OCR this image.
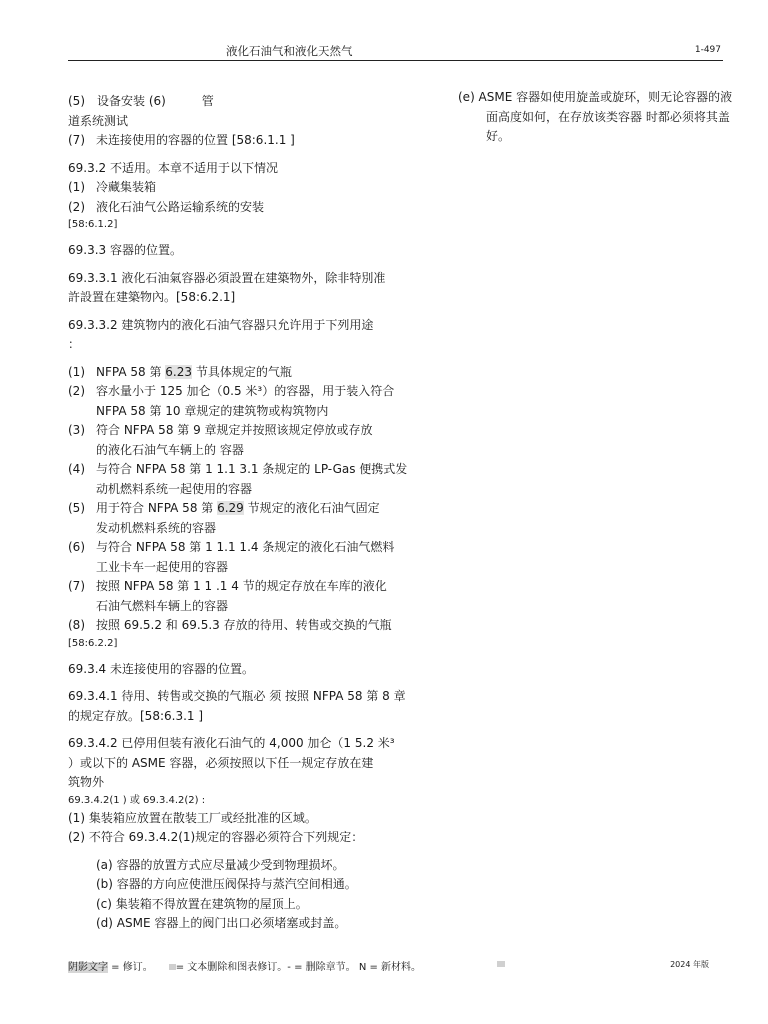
液化石油气和液化天然气	1-497
(5)　设备安装 (6)　　　管
道系统测试
(7) 未连接使用的容器的位置 [58:6.1.1 ]
69.3.2 不适用。本章不适用于以下情况
(1) 冷藏集装箱
(2) 液化石油气公路运输系统的安装
[58:6.1.2]
69.3.3 容器的位置。
69.3.3.1 液化石油氣容器必須設置在建築物外，除非特別准
許設置在建築物內。[58:6.2.1]
69.3.3.2 建筑物内的液化石油气容器只允许用于下列用途
：
(1) NFPA 58 第 6.23 节具体规定的气瓶
(2) 容水量小于 125 加仑（0.5 米³）的容器，用于装入符合
NFPA 58 第 10 章规定的建筑物或构筑物内
(3) 符合 NFPA 58 第 9 章规定并按照该规定停放或存放
的液化石油气车辆上的 容器
(4) 与符合 NFPA 58 第 1 1.1 3.1 条规定的 LP-Gas 便携式发
动机燃料系统一起使用的容器
(5) 用于符合 NFPA 58 第 6.29 节规定的液化石油气固定
发动机燃料系统的容器
(6) 与符合 NFPA 58 第 1 1.1 1.4 条规定的液化石油气燃料
工业卡车一起使用的容器
(7) 按照 NFPA 58 第 1 1 .1 4 节的规定存放在车库的液化
石油气燃料车辆上的容器
(8) 按照 69.5.2 和 69.5.3 存放的待用、转售或交换的气瓶
[58:6.2.2]
69.3.4 未连接使用的容器的位置。
69.3.4.1 待用、转售或交换的气瓶必 须 按照 NFPA 58 第 8 章
的规定存放。[58:6.3.1 ]
69.3.4.2 已停用但装有液化石油气的 4,000 加仑（1 5.2 米³
）或以下的 ASME 容器，必须按照以下任一规定存放在建
筑物外
69.3.4.2(1 ) 或 69.3.4.2(2) :
(1) 集装箱应放置在散装工厂或经批准的区域。
(2) 不符合 69.3.4.2(1)规定的容器必须符合下列规定：
(a) 容器的放置方式应尽量减少受到物理损坏。
(b) 容器的方向应使泄压阀保持与蒸汽空间相通。
(c) 集装箱不得放置在建筑物的屋顶上。
(d) ASME 容器上的阀门出口必须堵塞或封盖。
(e) ASME 容器如使用旋盖或旋环，则无论容器的液面高度如何，在存放该类容器 时都必须将其盖好。
阴影文字 = 修订。 = 文本删除和图表修订。- = 删除章节。 N = 新材料。	2024 年版
